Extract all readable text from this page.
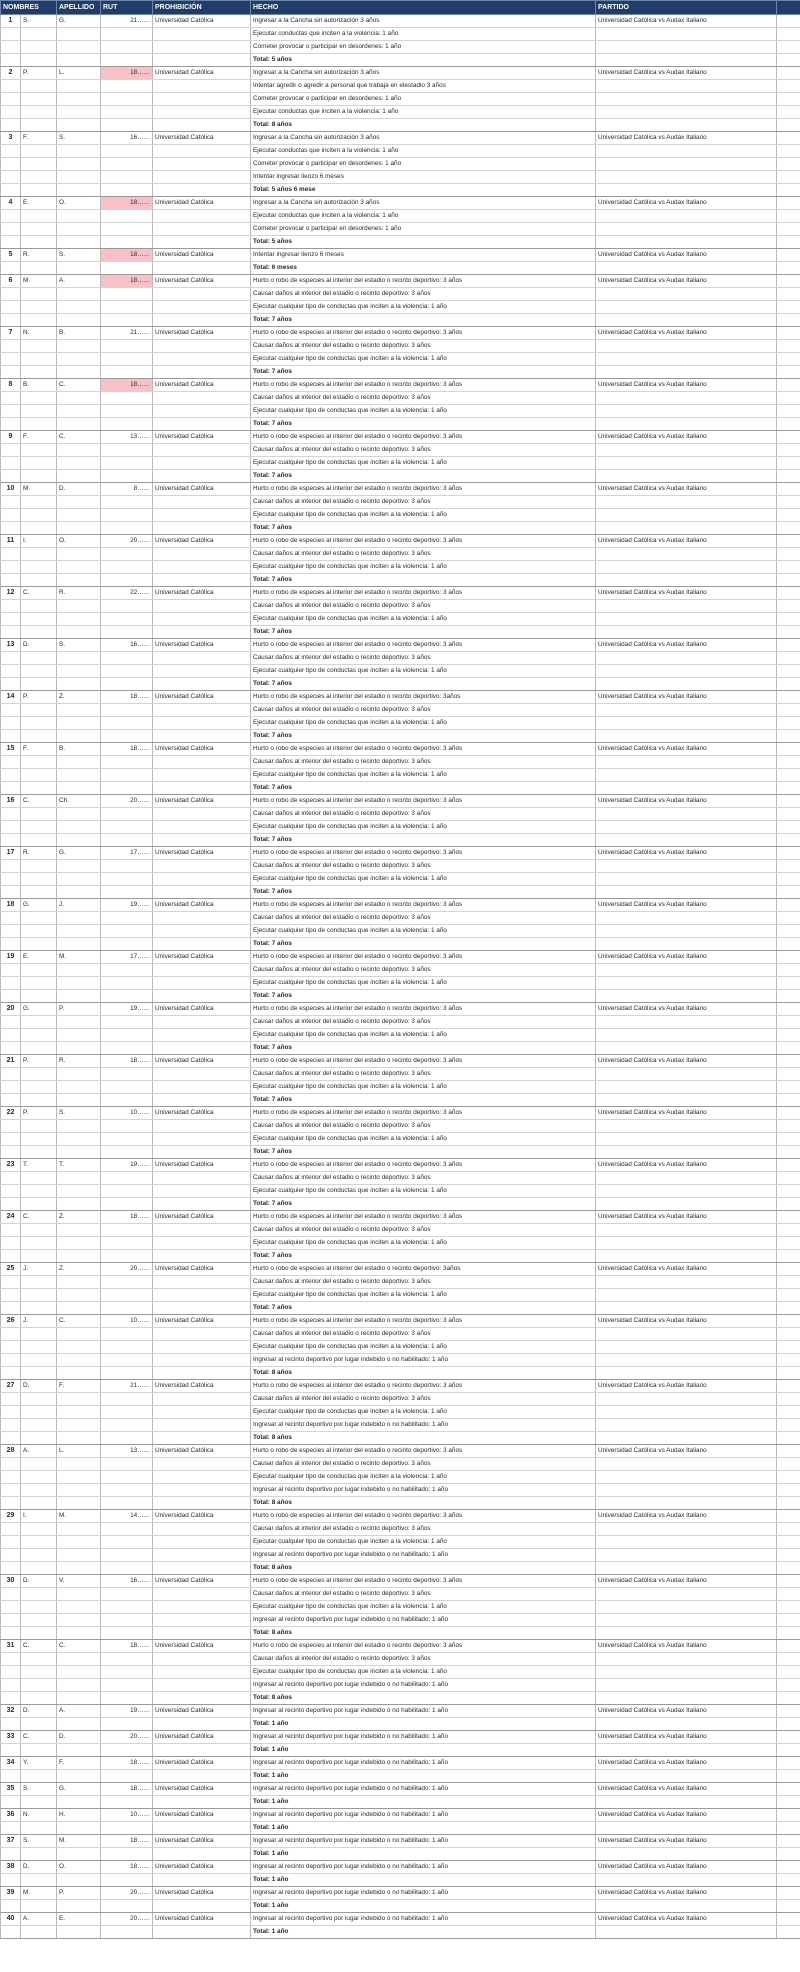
NOMBRES		APELLIDO	RUT	PROHIBICIÓN	HECHO	PARTIDO	
1	S.	G.	21……	Universidad Católica	Ingresar a la Cancha sin autorización 3 años	Universidad Católica vs Audax Italiano	
					Ejecutar conductas que inciten a la violencia: 1 año		
					Cometer provocar o participar en desordenes: 1 año		
					Total: 5 años		
2	P.	L.	18……	Universidad Católica	Ingresar a la Cancha sin autorización 3 años	Universidad Católica vs Audax Italiano	
					Intentar agredir o agredir a personal que trabaja en elestadio 3 años		
					Cometer provocar o participar en desordenes: 1 año		
					Ejecutar conductas que inciten a la violencia: 1 año		
					Total: 8 años		
3	F.	S.	16……	Universidad Católica	Ingresar a la Cancha sin autorización 3 años	Universidad Católica vs Audax Italiano	
					Ejecutar conductas que inciten a la violencia: 1 año		
					Cometer provocar o participar en desordenes: 1 año		
					Intentar ingresar lienzo 6 meses		
					Total: 5 años 6 mese		
4	E.	O.	18……	Universidad Católica	Ingresar a la Cancha sin autorización 3 años	Universidad Católica vs Audax Italiano	
					Ejecutar conductas que inciten a la violencia: 1 año		
					Cometer provocar o participar en desordenes: 1 año		
					Total: 5 años		
5	R.	S.	18……	Universidad Católica	Intentar ingresar lienzo 6 meses	Universidad Católica vs Audax Italiano	
					Total: 6 meses		
6	M.	A.	18……	Universidad Católica	Hurto o robo de especies al interior del estadio o recinto deportivo: 3 años	Universidad Católica vs Audax Italiano	
					Causar daños al interior del estadio o recinto deportivo: 3 años		
					Ejecutar cualquier tipo de conductas que inciten a la violencia: 1 año		
					Total: 7 años		
7	N.	B.	21……	Universidad Católica	Hurto o robo de especies al interior del estadio o recinto deportivo: 3 años	Universidad Católica vs Audax Italiano	
					Causar daños al interior del estadio o recinto deportivo: 3 años		
					Ejecutar cualquier tipo de conductas que inciten a la violencia: 1 año		
					Total: 7 años		
8	B.	C.	18……	Universidad Católica	Hurto o robo de especies al interior del estadio o recinto deportivo: 3 años	Universidad Católica vs Audax Italiano	
					Causar daños al interior del estadio o recinto deportivo: 3 años		
					Ejecutar cualquier tipo de conductas que inciten a la violencia: 1 año		
					Total: 7 años		
9	F.	C.	13……	Universidad Católica	Hurto o robo de especies al interior del estadio o recinto deportivo: 3 años	Universidad Católica vs Audax Italiano	
					Causar daños al interior del estadio o recinto deportivo: 3 años		
					Ejecutar cualquier tipo de conductas que inciten a la violencia: 1 año		
					Total: 7 años		
10	M.	D.	8……	Universidad Católica	Hurto o robo de especies al interior del estadio o recinto deportivo: 3 años	Universidad Católica vs Audax Italiano	
					Causar daños al interior del estadio o recinto deportivo: 3 años		
					Ejecutar cualquier tipo de conductas que inciten a la violencia: 1 año		
					Total: 7 años		
11	I.	O.	20……	Universidad Católica	Hurto o robo de especies al interior del estadio o recinto deportivo: 3 años	Universidad Católica vs Audax Italiano	
					Causar daños al interior del estadio o recinto deportivo: 3 años		
					Ejecutar cualquier tipo de conductas que inciten a la violencia: 1 año		
					Total: 7 años		
12	C.	R.	22……	Universidad Católica	Hurto o robo de especies al interior del estadio o recinto deportivo: 3 años	Universidad Católica vs Audax Italiano	
					Causar daños al interior del estadio o recinto deportivo: 3 años		
					Ejecutar cualquier tipo de conductas que inciten a la violencia: 1 año		
					Total: 7 años		
13	D.	S.	16……	Universidad Católica	Hurto o robo de especies al interior del estadio o recinto deportivo: 3 años	Universidad Católica vs Audax Italiano	
					Causar daños al interior del estadio o recinto deportivo: 3 años		
					Ejecutar cualquier tipo de conductas que inciten a la violencia: 1 año		
					Total: 7 años		
14	P.	Z.	18……	Universidad Católica	Hurto o robo de especies al interior del estadio o recinto deportivo: 3años	Universidad Católica vs Audax Italiano	
					Causar daños al interior del estadio o recinto deportivo: 3 años		
					Ejecutar cualquier tipo de conductas que inciten a la violencia: 1 año		
					Total: 7 años		
15	F.	B.	18……	Universidad Católica	Hurto o robo de especies al interior del estadio o recinto deportivo: 3 años	Universidad Católica vs Audax Italiano	
					Causar daños al interior del estadio o recinto deportivo: 3 años		
					Ejecutar cualquier tipo de conductas que inciten a la violencia: 1 año		
					Total: 7 años		
16	C.	Ch.	20……	Universidad Católica	Hurto o robo de especies al interior del estadio o recinto deportivo: 3 años	Universidad Católica vs Audax Italiano	
					Causar daños al interior del estadio o recinto deportivo: 3 años		
					Ejecutar cualquier tipo de conductas que inciten a la violencia: 1 año		
					Total: 7 años		
17	R.	G.	17……	Universidad Católica	Hurto o robo de especies al interior del estadio o recinto deportivo: 3 años	Universidad Católica vs Audax Italiano	
					Causar daños al interior del estadio o recinto deportivo: 3 años		
					Ejecutar cualquier tipo de conductas que inciten a la violencia: 1 año		
					Total: 7 años		
18	G.	J.	19……	Universidad Católica	Hurto o robo de especies al interior del estadio o recinto deportivo: 3 años	Universidad Católica vs Audax Italiano	
					Causar daños al interior del estadio o recinto deportivo: 3 años		
					Ejecutar cualquier tipo de conductas que inciten a la violencia: 1 año		
					Total: 7 años		
19	E.	M.	17……	Universidad Católica	Hurto o robo de especies al interior del estadio o recinto deportivo: 3 años	Universidad Católica vs Audax Italiano	
					Causar daños al interior del estadio o recinto deportivo: 3 años		
					Ejecutar cualquier tipo de conductas que inciten a la violencia: 1 año		
					Total: 7 años		
20	G.	P.	19……	Universidad Católica	Hurto o robo de especies al interior del estadio o recinto deportivo: 3 años	Universidad Católica vs Audax Italiano	
					Causar daños al interior del estadio o recinto deportivo: 3 años		
					Ejecutar cualquier tipo de conductas que inciten a la violencia: 1 año		
					Total: 7 años		
21	P.	R.	18……	Universidad Católica	Hurto o robo de especies al interior del estadio o recinto deportivo: 3 años	Universidad Católica vs Audax Italiano	
					Causar daños al interior del estadio o recinto deportivo: 3 años		
					Ejecutar cualquier tipo de conductas que inciten a la violencia: 1 año		
					Total: 7 años		
22	P.	S.	10……	Universidad Católica	Hurto o robo de especies al interior del estadio o recinto deportivo: 3 años	Universidad Católica vs Audax Italiano	
					Causar daños al interior del estadio o recinto deportivo: 3 años		
					Ejecutar cualquier tipo de conductas que inciten a la violencia: 1 año		
					Total: 7 años		
23	T.	T.	19……	Universidad Católica	Hurto o robo de especies al interior del estadio o recinto deportivo: 3 años	Universidad Católica vs Audax Italiano	
					Causar daños al interior del estadio o recinto deportivo: 3 años		
					Ejecutar cualquier tipo de conductas que inciten a la violencia: 1 año		
					Total: 7 años		
24	C.	Z.	18……	Universidad Católica	Hurto o robo de especies al interior del estadio o recinto deportivo: 3 años	Universidad Católica vs Audax Italiano	
					Causar daños al interior del estadio o recinto deportivo: 3 años		
					Ejecutar cualquier tipo de conductas que inciten a la violencia: 1 año		
					Total: 7 años		
25	J.	Z.	20……	Universidad Católica	Hurto o robo de especies al interior del estadio o recinto deportivo: 3años	Universidad Católica vs Audax Italiano	
					Causar daños al interior del estadio o recinto deportivo: 3 años		
					Ejecutar cualquier tipo de conductas que inciten a la violencia: 1 año		
					Total: 7 años		
26	J.	C.	10……	Universidad Católica	Hurto o robo de especies al interior del estadio o recinto deportivo: 3 años	Universidad Católica vs Audax Italiano	
					Causar daños al interior del estadio o recinto deportivo: 3 años		
					Ejecutar cualquier tipo de conductas que inciten a la violencia: 1 año		
					Ingresar al recinto deportivo por lugar indebido o no habilitado: 1 año		
					Total: 8 años		
27	D.	F.	21……	Universidad Católica	Hurto o robo de especies al interior del estadio o recinto deportivo: 3 años	Universidad Católica vs Audax Italiano	
					Causar daños al interior del estadio o recinto deportivo: 3 años		
					Ejecutar cualquier tipo de conductas que inciten a la violencia: 1 año		
					Ingresar al recinto deportivo por lugar indebido o no habilitado: 1 año		
					Total: 8 años		
28	A.	L.	13……	Universidad Católica	Hurto o robo de especies al interior del estadio o recinto deportivo: 3 años	Universidad Católica vs Audax Italiano	
					Causar daños al interior del estadio o recinto deportivo: 3 años		
					Ejecutar cualquier tipo de conductas que inciten a la violencia: 1 año		
					Ingresar al recinto deportivo por lugar indebido o no habilitado: 1 año		
					Total: 8 años		
29	I.	M.	14……	Universidad Católica	Hurto o robo de especies al interior del estadio o recinto deportivo: 3 años	Universidad Católica vs Audax Italiano	
					Causar daños al interior del estadio o recinto deportivo: 3 años		
					Ejecutar cualquier tipo de conductas que inciten a la violencia: 1 año		
					Ingresar al recinto deportivo por lugar indebido o no habilitado: 1 año		
					Total: 8 años		
30	D.	V.	16……	Universidad Católica	Hurto o robo de especies al interior del estadio o recinto deportivo: 3 años	Universidad Católica vs Audax Italiano	
					Causar daños al interior del estadio o recinto deportivo: 3 años		
					Ejecutar cualquier tipo de conductas que inciten a la violencia: 1 año		
					Ingresar al recinto deportivo por lugar indebido o no habilitado: 1 año		
					Total: 8 años		
31	C.	C.	18……	Universidad Católica	Hurto o robo de especies al interior del estadio o recinto deportivo: 3 años	Universidad Católica vs Audax Italiano	
					Causar daños al interior del estadio o recinto deportivo: 3 años		
					Ejecutar cualquier tipo de conductas que inciten a la violencia: 1 año		
					Ingresar al recinto deportivo por lugar indebido o no habilitado: 1 año		
					Total: 8 años		
32	D.	A.	19……	Universidad Católica	Ingresar al recinto deportivo por lugar indebido o no habilitado: 1 año	Universidad Católica vs Audax Italiano	
					Total: 1 año		
33	C.	D.	20……	Universidad Católica	Ingresar al recinto deportivo por lugar indebido o no habilitado: 1 año	Universidad Católica vs Audax Italiano	
					Total: 1 año		
34	Y.	F.	18……	Universidad Católica	Ingresar al recinto deportivo por lugar indebido o no habilitado: 1 año	Universidad Católica vs Audax Italiano	
					Total: 1 año		
35	S.	G.	18……	Universidad Católica	Ingresar al recinto deportivo por lugar indebido o no habilitado: 1 año	Universidad Católica vs Audax Italiano	
					Total: 1 año		
36	N.	H.	10……	Universidad Católica	Ingresar al recinto deportivo por lugar indebido o no habilitado: 1 año	Universidad Católica vs Audax Italiano	
					Total: 1 año		
37	S.	M.	18……	Universidad Católica	Ingresar al recinto deportivo por lugar indebido o no habilitado: 1 año	Universidad Católica vs Audax Italiano	
					Total: 1 año		
38	D.	O.	18……	Universidad Católica	Ingresar al recinto deportivo por lugar indebido o no habilitado: 1 año	Universidad Católica vs Audax Italiano	
					Total: 1 año		
39	M.	P.	20……	Universidad Católica	Ingresar al recinto deportivo por lugar indebido o no habilitado: 1 año	Universidad Católica vs Audax Italiano	
					Total: 1 año		
40	A.	E.	20……	Universidad Católica	Ingresar al recinto deportivo por lugar indebido o no habilitado: 1 año	Universidad Católica vs Audax Italiano	
					Total: 1 año		
